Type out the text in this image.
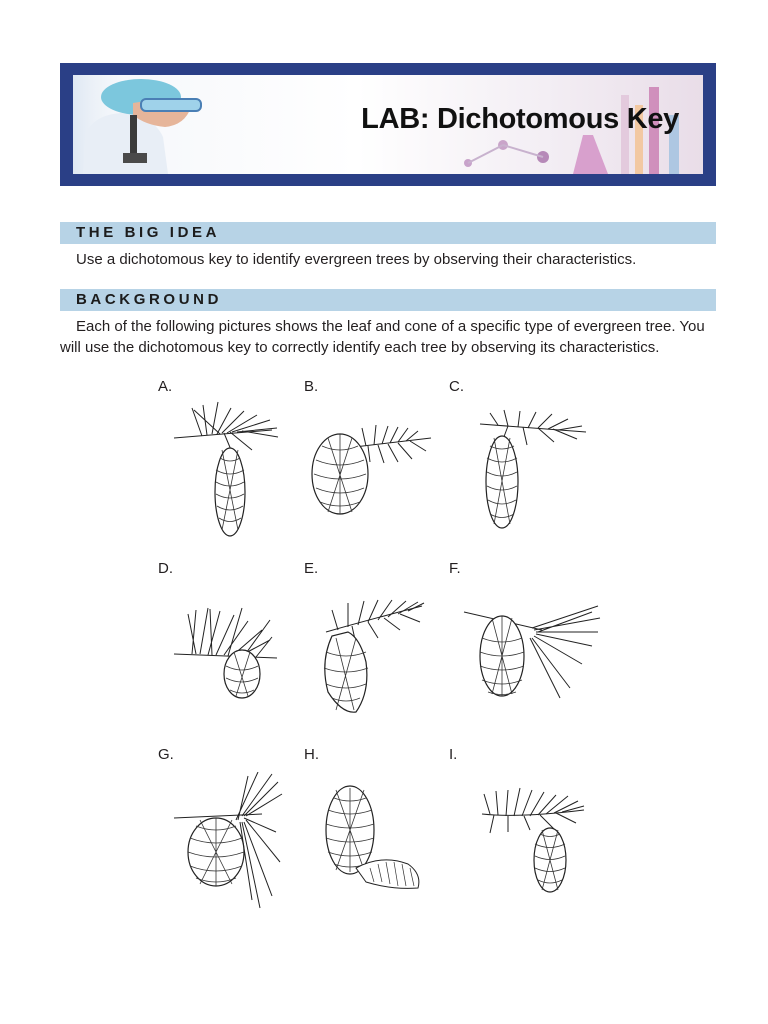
LAB: Dichotomous Key
THE BIG IDEA
Use a dichotomous key to identify evergreen trees by observing their characteristics.
BACKGROUND
Each of the following pictures shows the leaf and cone of a specific type of evergreen tree. You
will use the dichotomous key to correctly identify each tree by observing its characteristics.
A.	B.	C.
D.	E.	F.
G.	H.	I.
